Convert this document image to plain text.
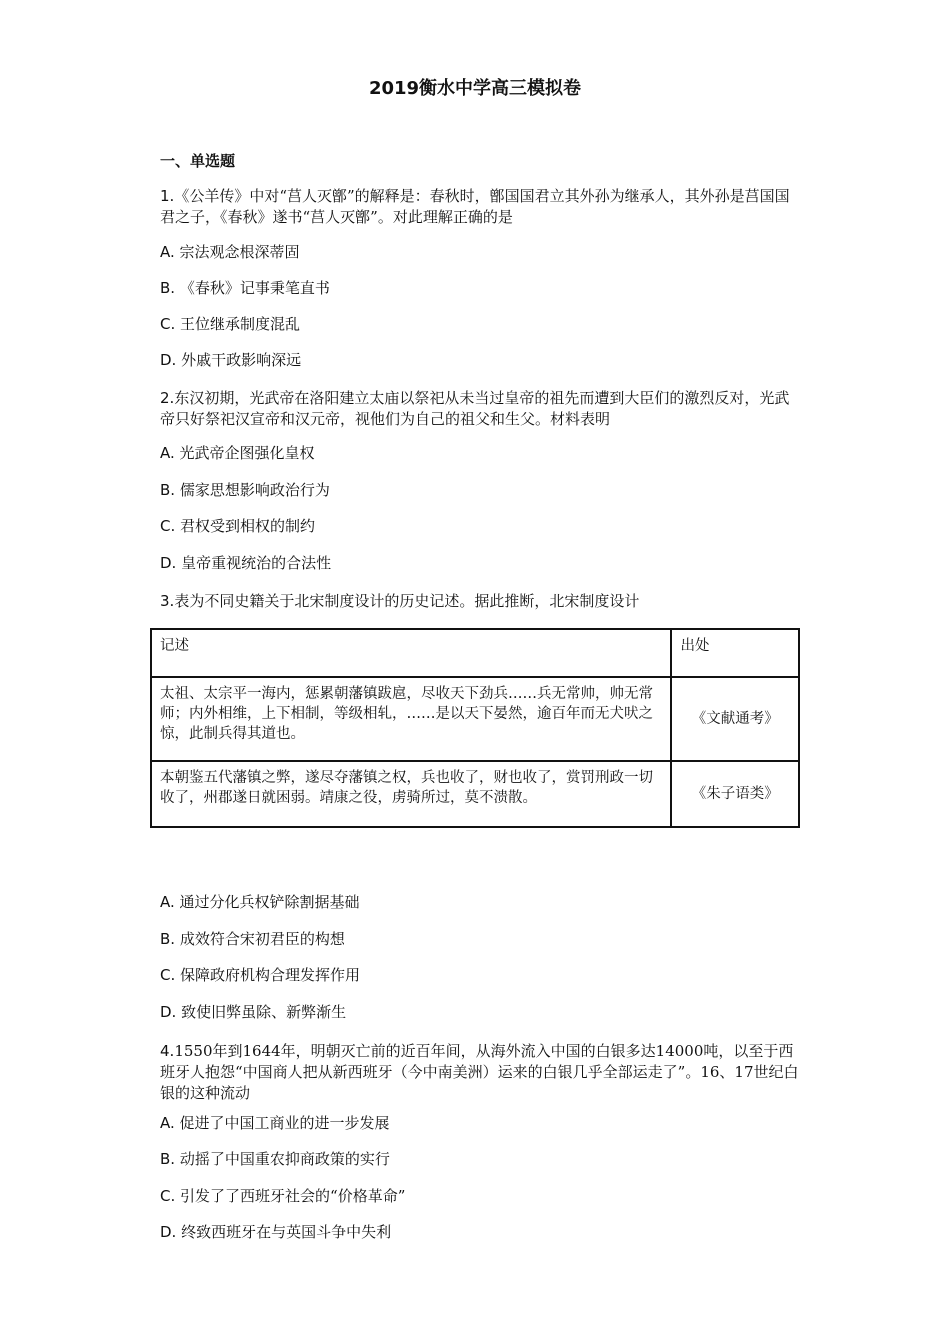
2019衡水中学高三模拟卷
一、单选题
1.《公羊传》中对“莒人灭鄫”的解释是：春秋时，鄫国国君立其外孙为继承人，其外孙是莒国国君之子，《春秋》遂书“莒人灭鄫”。对此理解正确的是
A. 宗法观念根深蒂固
B. 《春秋》记事秉笔直书
C. 王位继承制度混乱
D. 外戚干政影响深远
2.东汉初期，光武帝在洛阳建立太庙以祭祀从未当过皇帝的祖先而遭到大臣们的激烈反对，光武帝只好祭祀汉宣帝和汉元帝，视他们为自己的祖父和生父。材料表明
A. 光武帝企图强化皇权
B. 儒家思想影响政治行为
C. 君权受到相权的制约
D. 皇帝重视统治的合法性
3.表为不同史籍关于北宋制度设计的历史记述。据此推断，北宋制度设计
记述	出处
太祖、太宗平一海内，惩累朝藩镇跋扈，尽收天下劲兵……兵无常帅，帅无常师；内外相维，上下相制，等级相轧，……是以天下晏然，逾百年而无犬吠之惊，此制兵得其道也。	《文献通考》
本朝鉴五代藩镇之弊，遂尽夺藩镇之权，兵也收了，财也收了，赏罚刑政一切收了，州郡遂日就困弱。靖康之役，虏骑所过，莫不溃散。	《朱子语类》
A. 通过分化兵权铲除割据基础
B. 成效符合宋初君臣的构想
C. 保障政府机构合理发挥作用
D. 致使旧弊虽除、新弊渐生
4.1550年到1644年，明朝灭亡前的近百年间，从海外流入中国的白银多达14000吨，以至于西班牙人抱怨“中国商人把从新西班牙（今中南美洲）运来的白银几乎全部运走了”。16、17世纪白银的这种流动
A. 促进了中国工商业的进一步发展
B. 动摇了中国重农抑商政策的实行
C. 引发了了西班牙社会的“价格革命”
D. 终致西班牙在与英国斗争中失利
